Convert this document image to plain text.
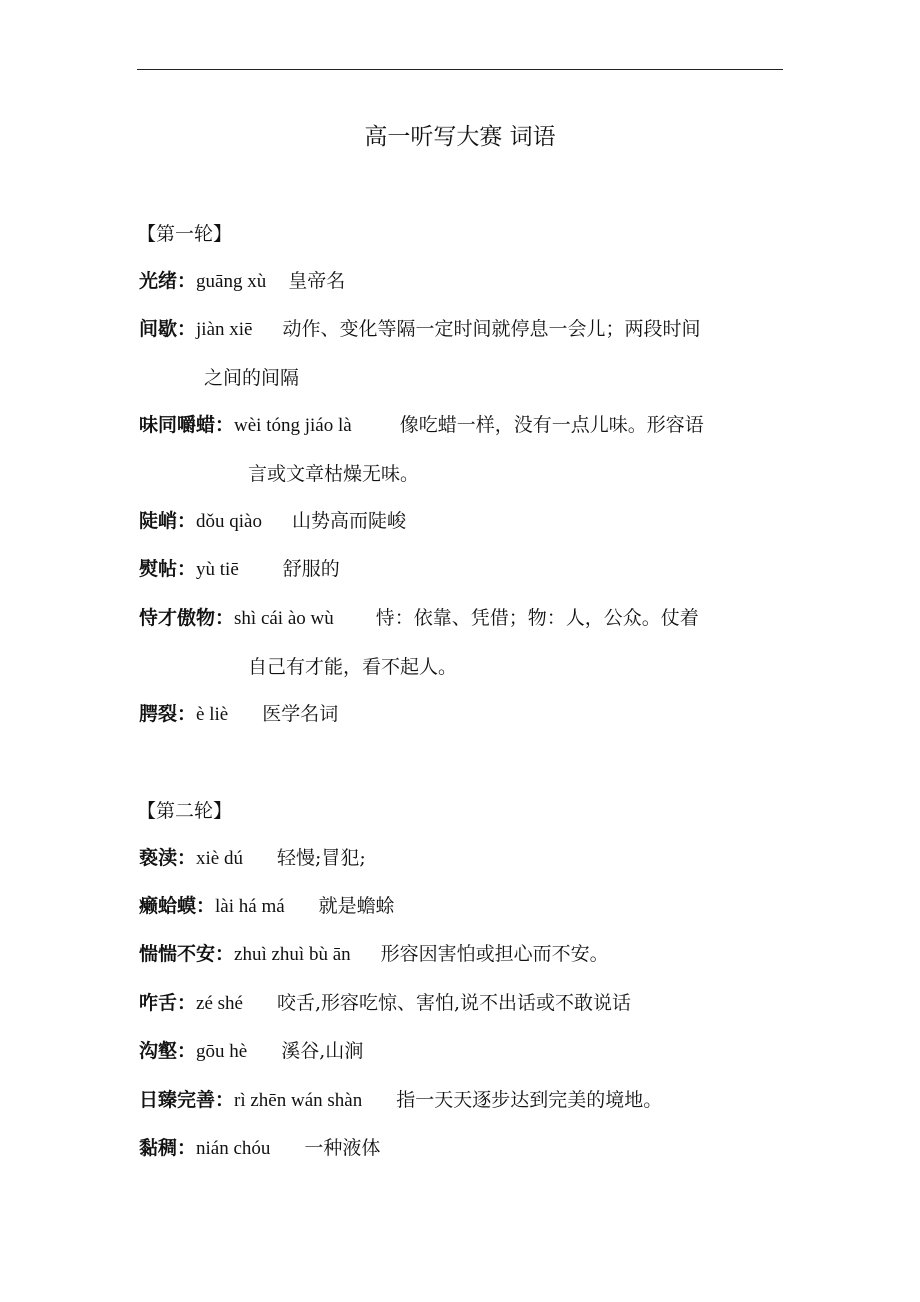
高一听写大赛 词语
【第一轮】
光绪：guāng xù 皇帝名
间歇：jiàn xiē 动作、变化等隔一定时间就停息一会儿；两段时间
之间的间隔
味同嚼蜡：wèi tóng jiáo là	像吃蜡一样，没有一点儿味。形容语
言或文章枯燥无味。
陡峭：dǒu qiào 山势高而陡峻
熨帖：yù tiē 舒服的
恃才傲物：shì cái ào wù 恃：依靠、凭借；物：人，公众。仗着
自己有才能，看不起人。
腭裂：è liè 医学名词
【第二轮】
亵渎：xiè dú 轻慢;冒犯;
癞蛤蟆：lài há má 就是蟾蜍
惴惴不安：zhuì zhuì bù ān 形容因害怕或担心而不安。
咋舌：zé shé 咬舌,形容吃惊、害怕,说不出话或不敢说话
沟壑：gōu hè 溪谷,山涧
日臻完善：rì zhēn wán shàn 指一天天逐步达到完美的境地。
黏稠：nián chóu 一种液体
